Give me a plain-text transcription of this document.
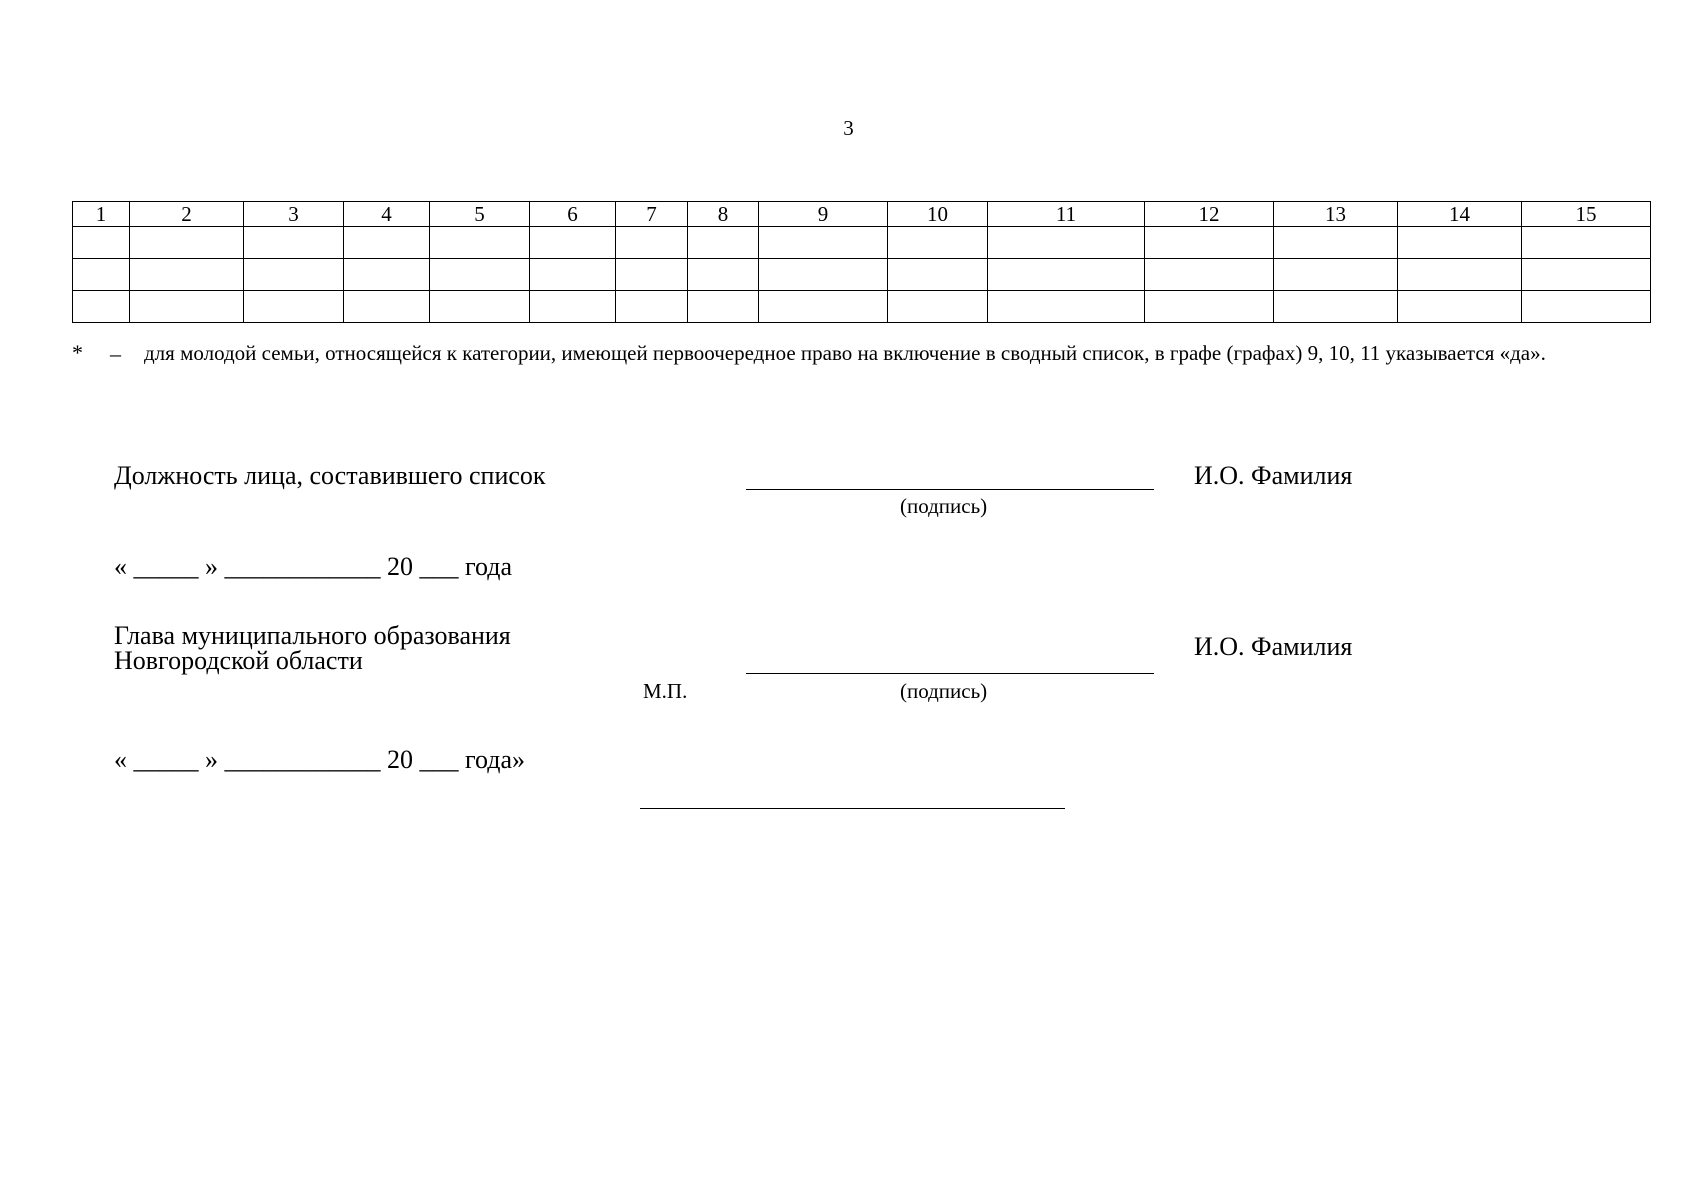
3
1	2	3	4	5	6	7	8	9	10	11	12	13	14	15

* – для молодой семьи, относящейся к категории, имеющей первоочередное право на включение в сводный список, в графе (графах) 9, 10, 11 указывается «да».
Должность лица, составившего список
(подпись)
И.О. Фамилия
« _____ » ____________ 20 ___ года
Глава муниципального образования
Новгородской области	И.О. Фамилия
М.П.	(подпись)
« _____ » ____________ 20 ___ года»
